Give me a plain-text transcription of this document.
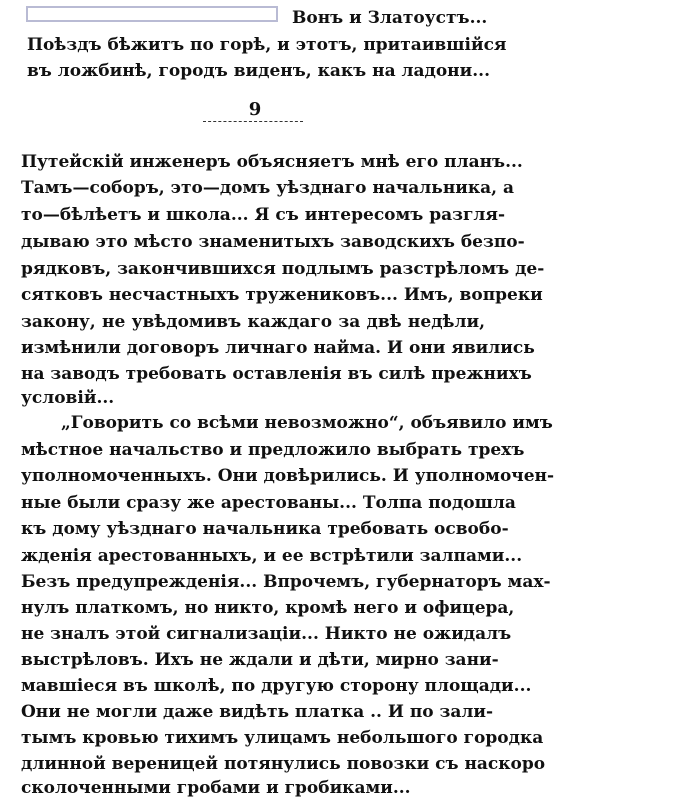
Вонъ и Златоустъ...
Поѣздъ бѣжитъ по горѣ, и этотъ, притаившійся
въ ложбинѣ, городъ виденъ, какъ на ладони...
9
Путейскій инженеръ объясняетъ мнѣ его планъ...
Тамъ—соборъ, это—домъ уѣзднаго начальника, а
то—бѣлѣетъ и школа... Я съ интересомъ разгля-
дываю это мѣсто знаменитыхъ заводскихъ безпо-
рядковъ, закончившихся подлымъ разстрѣломъ де-
сятковъ несчастныхъ тружениковъ... Имъ, вопреки
закону, не увѣдомивъ каждаго за двѣ недѣли,
измѣнили договоръ личнаго найма. И они явились
на заводъ требовать оставленія въ силѣ прежнихъ
условій...
„Говорить со всѣми невозможно“, объявило имъ
мѣстное начальство и предложило выбрать трехъ
уполномоченныхъ. Они довѣрились. И уполномочен-
ные были сразу же арестованы... Толпа подошла
къ дому уѣзднаго начальника требовать освобо-
жденія арестованныхъ, и ее встрѣтили залпами...
Безъ предупрежденія... Впрочемъ, губернаторъ мах-
нулъ платкомъ, но никто, кромѣ него и офицера,
не зналъ этой сигнализаціи... Никто не ожидалъ
выстрѣловъ. Ихъ не ждали и дѣти, мирно зани-
мавшіеся въ школѣ, по другую сторону площади...
Они не могли даже видѣть платка .. И по зали-
тымъ кровью тихимъ улицамъ небольшого городка
длинной вереницей потянулись повозки съ наскоро
сколоченными гробами и гробиками...
